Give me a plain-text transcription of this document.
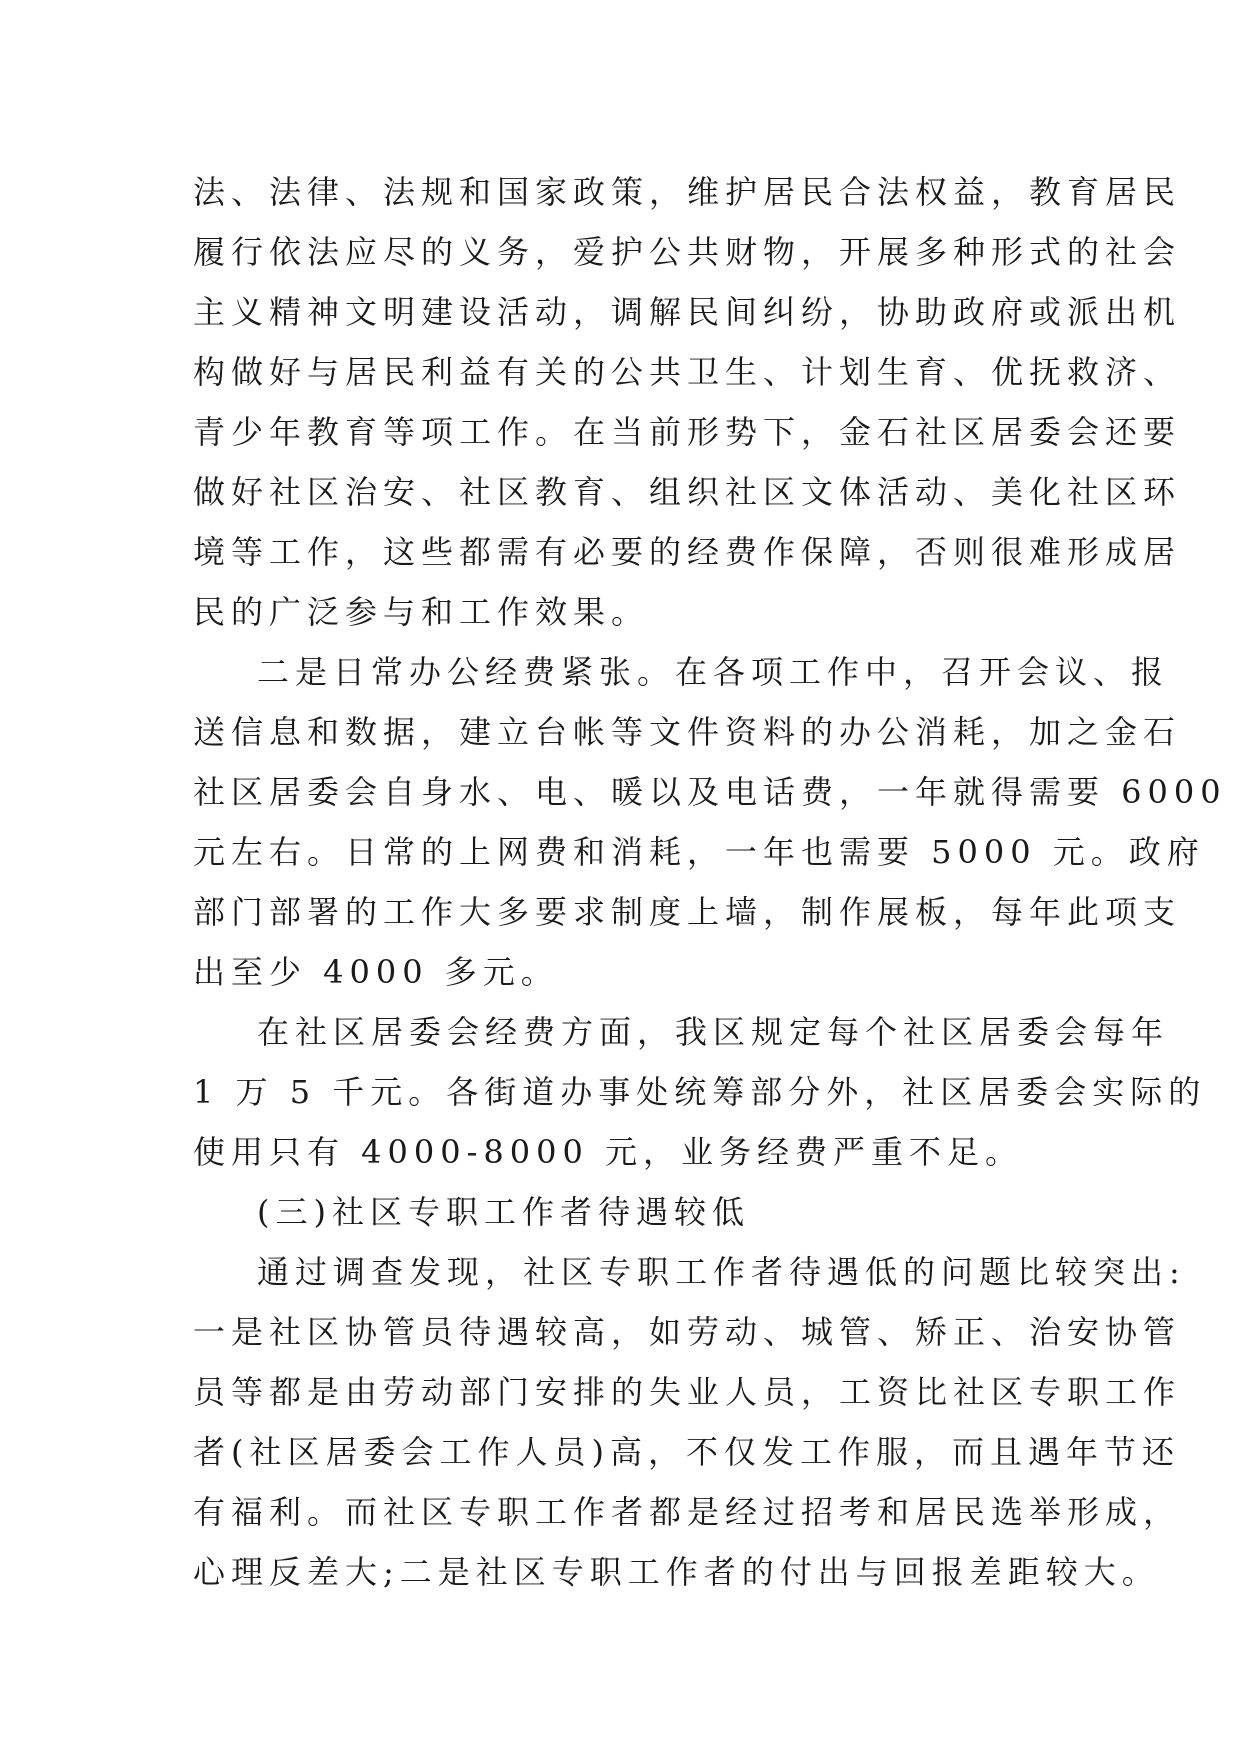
法、法律、法规和国家政策，维护居民合法权益，教育居民
履行依法应尽的义务，爱护公共财物，开展多种形式的社会
主义精神文明建设活动，调解民间纠纷，协助政府或派出机
构做好与居民利益有关的公共卫生、计划生育、优抚救济、
青少年教育等项工作。在当前形势下，金石社区居委会还要
做好社区治安、社区教育、组织社区文体活动、美化社区环
境等工作，这些都需有必要的经费作保障，否则很难形成居
民的广泛参与和工作效果。
二是日常办公经费紧张。在各项工作中，召开会议、报
送信息和数据，建立台帐等文件资料的办公消耗，加之金石
社区居委会自身水、电、暖以及电话费，一年就得需要 6000
元左右。日常的上网费和消耗，一年也需要 5000 元。政府
部门部署的工作大多要求制度上墙，制作展板，每年此项支
出至少 4000 多元。
在社区居委会经费方面，我区规定每个社区居委会每年
1 万 5 千元。各街道办事处统筹部分外，社区居委会实际的
使用只有 4000-8000 元，业务经费严重不足。
(三)社区专职工作者待遇较低
通过调查发现，社区专职工作者待遇低的问题比较突出:
一是社区协管员待遇较高，如劳动、城管、矫正、治安协管
员等都是由劳动部门安排的失业人员，工资比社区专职工作
者(社区居委会工作人员)高，不仅发工作服，而且遇年节还
有福利。而社区专职工作者都是经过招考和居民选举形成，
心理反差大;二是社区专职工作者的付出与回报差距较大。
